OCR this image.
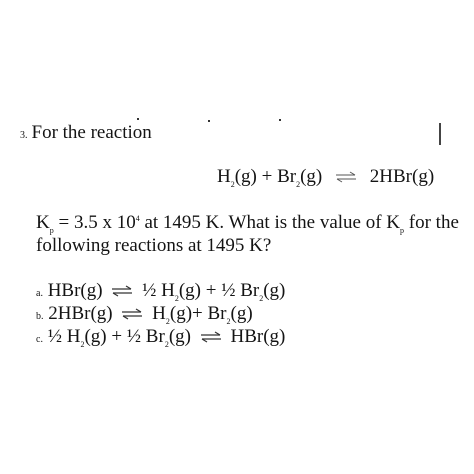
3. For the reaction
$H_2(g) + Br_2(g)$ ⇌ 2HBr(g)
$K_p = 3.5$ x $10^4$ at 1495 K. What is the value of $K_p$ for the
following reactions at 1495 K?
a. HBr(g) ⇌ ½ $H_2(g)$ + ½ $Br_2(g)$
b. 2HBr(g) ⇌ $H_2(g)+ Br_2(g)$
c. ½ $H_2(g)$ + ½ $Br_2(g)$ ⇌ HBr(g)
